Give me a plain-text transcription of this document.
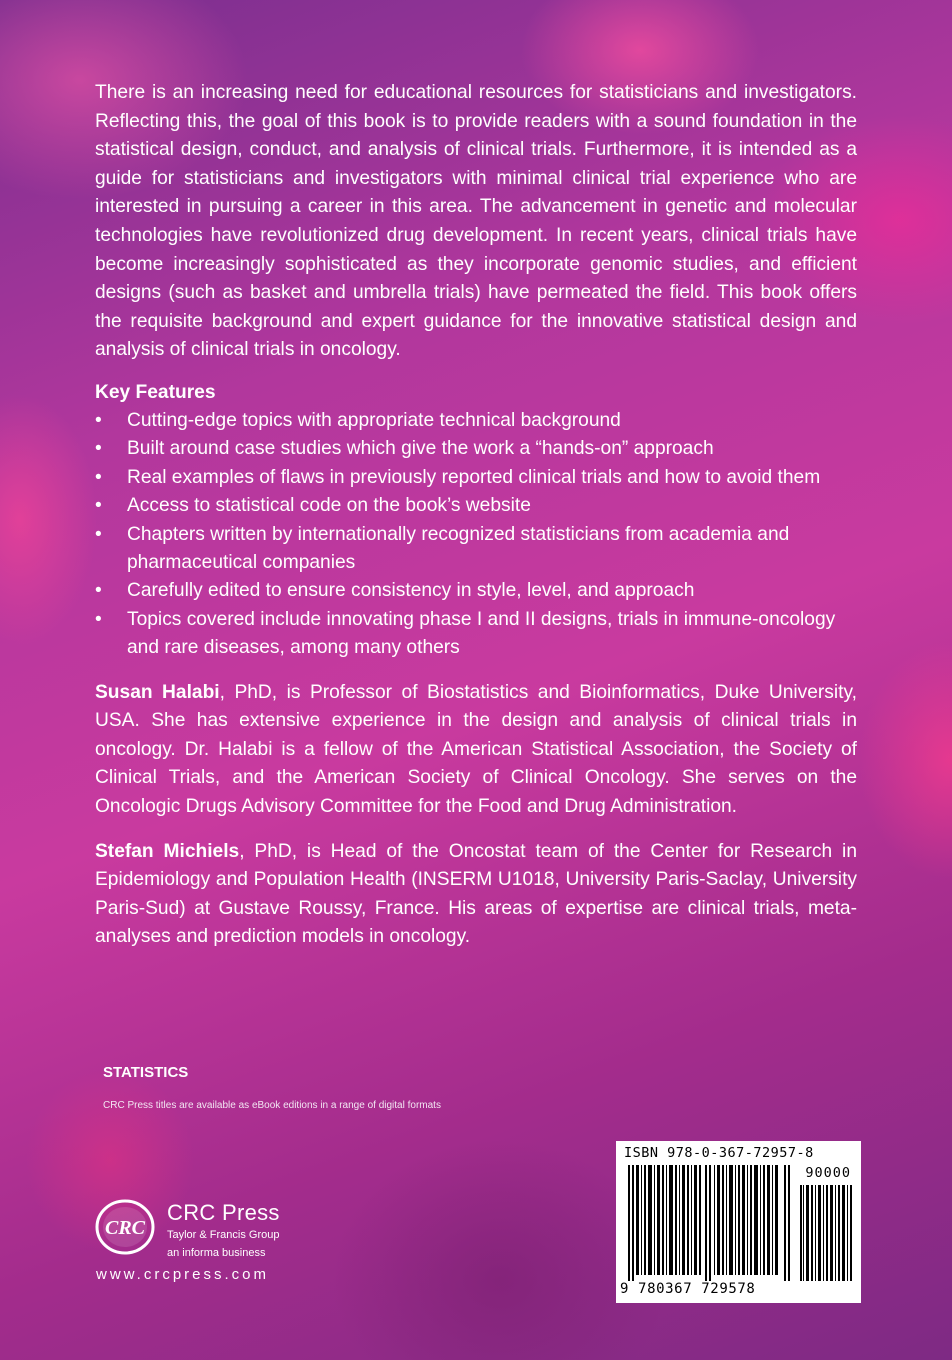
There is an increasing need for educational resources for statisticians and investigators. Reflecting this, the goal of this book is to provide readers with a sound foundation in the statistical design, conduct, and analysis of clinical trials. Furthermore, it is intended as a guide for statisticians and investigators with minimal clinical trial experience who are interested in pursuing a career in this area. The advancement in genetic and molecular technologies have revolutionized drug development. In recent years, clinical trials have become increasingly sophisticated as they incorporate genomic studies, and efficient designs (such as basket and umbrella trials) have permeated the field. This book offers the requisite background and expert guidance for the innovative statistical design and analysis of clinical trials in oncology.

Key Features
• Cutting-edge topics with appropriate technical background
• Built around case studies which give the work a “hands-on” approach
• Real examples of flaws in previously reported clinical trials and how to avoid them
• Access to statistical code on the book’s website
• Chapters written by internationally recognized statisticians from academia and pharmaceutical companies
• Carefully edited to ensure consistency in style, level, and approach
• Topics covered include innovating phase I and II designs, trials in immune-oncology and rare diseases, among many others

Susan Halabi, PhD, is Professor of Biostatistics and Bioinformatics, Duke University, USA. She has extensive experience in the design and analysis of clinical trials in oncology. Dr. Halabi is a fellow of the American Statistical Association, the Society of Clinical Trials, and the American Society of Clinical Oncology. She serves on the Oncologic Drugs Advisory Committee for the Food and Drug Administration.

Stefan Michiels, PhD, is Head of the Oncostat team of the Center for Research in Epidemiology and Population Health (INSERM U1018, University Paris-Saclay, University Paris-Sud) at Gustave Roussy, France. His areas of expertise are clinical trials, meta-analyses and prediction models in oncology.

STATISTICS
CRC Press titles are available as eBook editions in a range of digital formats
ISBN 978-0-367-72957-8
90000
9 780367 729578
CRC
CRC Press
Taylor & Francis Group
an informa business
www.crcpress.com
